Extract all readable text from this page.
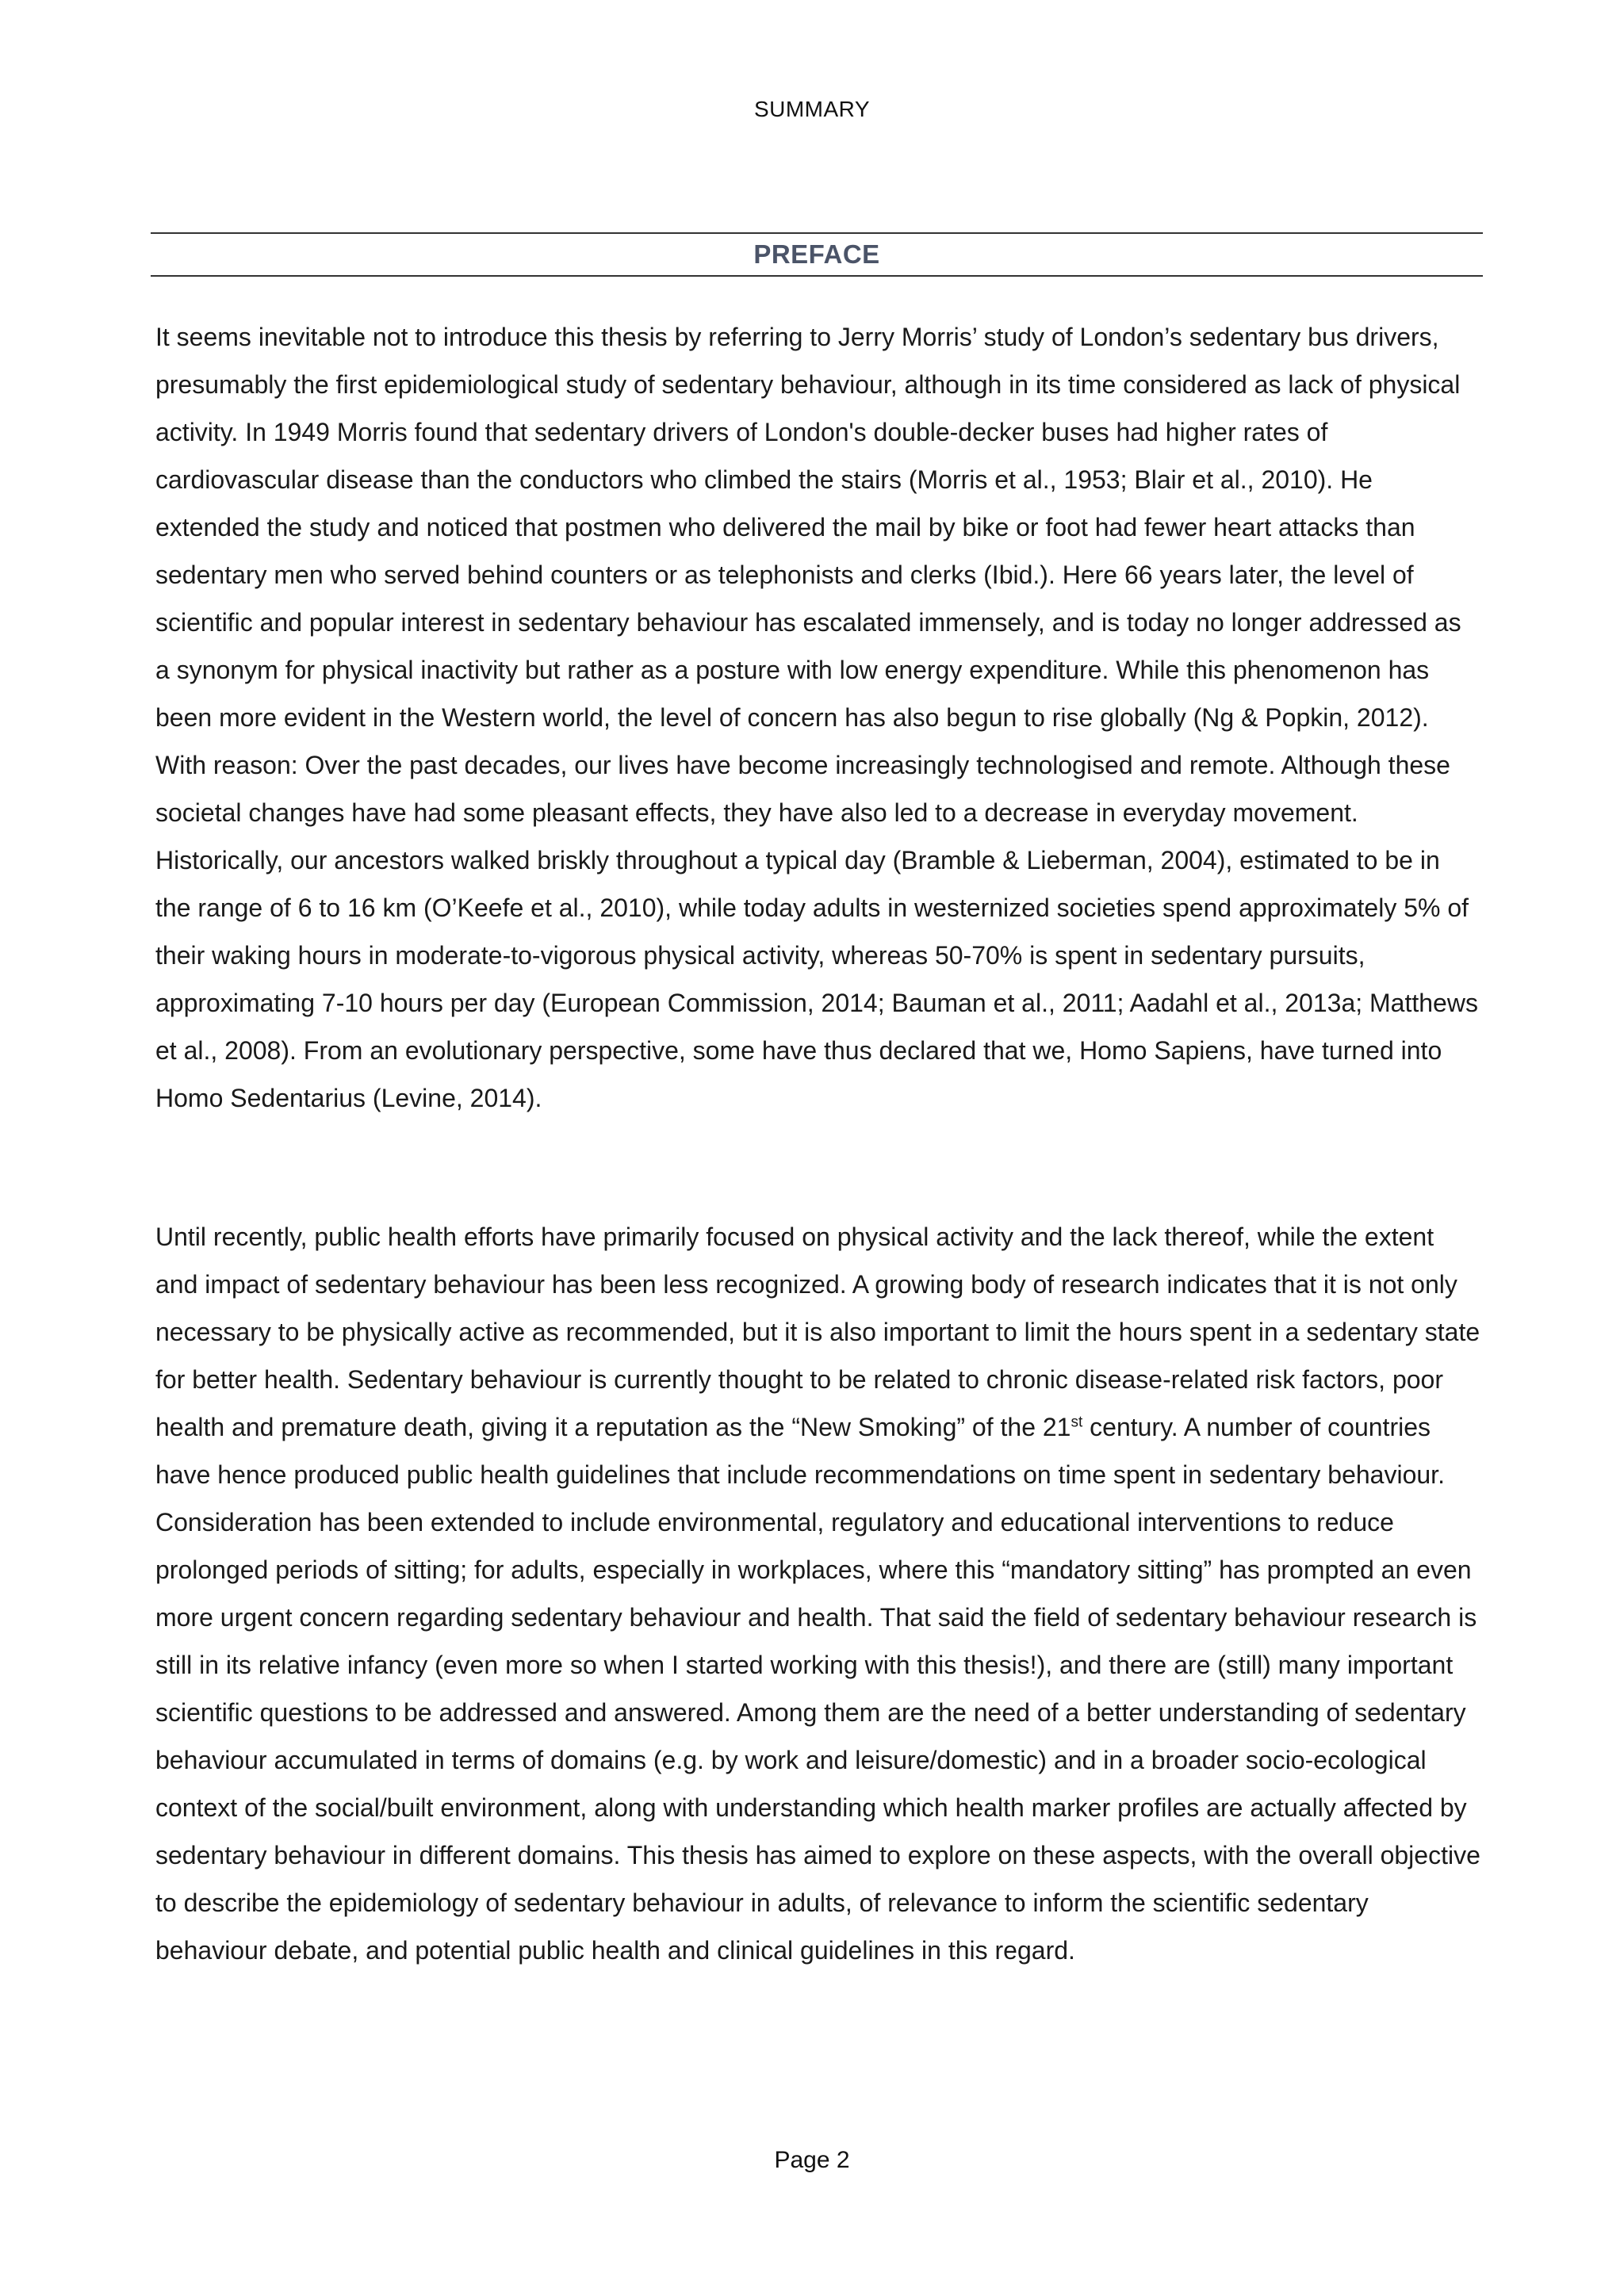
SUMMARY
PREFACE

It seems inevitable not to introduce this thesis by referring to Jerry Morris’ study of London’s sedentary bus drivers, presumably the first epidemiological study of sedentary behaviour, although in its time considered as lack of physical activity. In 1949 Morris found that sedentary drivers of London's double-decker buses had higher rates of cardiovascular disease than the conductors who climbed the stairs (Morris et al., 1953; Blair et al., 2010). He extended the study and noticed that postmen who delivered the mail by bike or foot had fewer heart attacks than sedentary men who served behind counters or as telephonists and clerks (Ibid.). Here 66 years later, the level of scientific and popular interest in sedentary behaviour has escalated immensely, and is today no longer addressed as a synonym for physical inactivity but rather as a posture with low energy expenditure. While this phenomenon has been more evident in the Western world, the level of concern has also begun to rise globally (Ng & Popkin, 2012). With reason: Over the past decades, our lives have become increasingly technologised and remote. Although these societal changes have had some pleasant effects, they have also led to a decrease in everyday movement. Historically, our ancestors walked briskly throughout a typical day (Bramble & Lieberman, 2004), estimated to be in the range of 6 to 16 km (O’Keefe et al., 2010), while today adults in westernized societies spend approximately 5% of their waking hours in moderate-to-vigorous physical activity, whereas 50-70% is spent in sedentary pursuits, approximating 7-10 hours per day (European Commission, 2014; Bauman et al., 2011; Aadahl et al., 2013a; Matthews et al., 2008). From an evolutionary perspective, some have thus declared that we, Homo Sapiens, have turned into Homo Sedentarius (Levine, 2014).

Until recently, public health efforts have primarily focused on physical activity and the lack thereof, while the extent and impact of sedentary behaviour has been less recognized. A growing body of research indicates that it is not only necessary to be physically active as recommended, but it is also important to limit the hours spent in a sedentary state for better health. Sedentary behaviour is currently thought to be related to chronic disease-related risk factors, poor health and premature death, giving it a reputation as the “New Smoking” of the 21st century. A number of countries have hence produced public health guidelines that include recommendations on time spent in sedentary behaviour. Consideration has been extended to include environmental, regulatory and educational interventions to reduce prolonged periods of sitting; for adults, especially in workplaces, where this “mandatory sitting” has prompted an even more urgent concern regarding sedentary behaviour and health. That said the field of sedentary behaviour research is still in its relative infancy (even more so when I started working with this thesis!), and there are (still) many important scientific questions to be addressed and answered. Among them are the need of a better understanding of sedentary behaviour accumulated in terms of domains (e.g. by work and leisure/domestic) and in a broader socio-ecological context of the social/built environment, along with understanding which health marker profiles are actually affected by sedentary behaviour in different domains. This thesis has aimed to explore on these aspects, with the overall objective to describe the epidemiology of sedentary behaviour in adults, of relevance to inform the scientific sedentary behaviour debate, and potential public health and clinical guidelines in this regard.

Page 2
